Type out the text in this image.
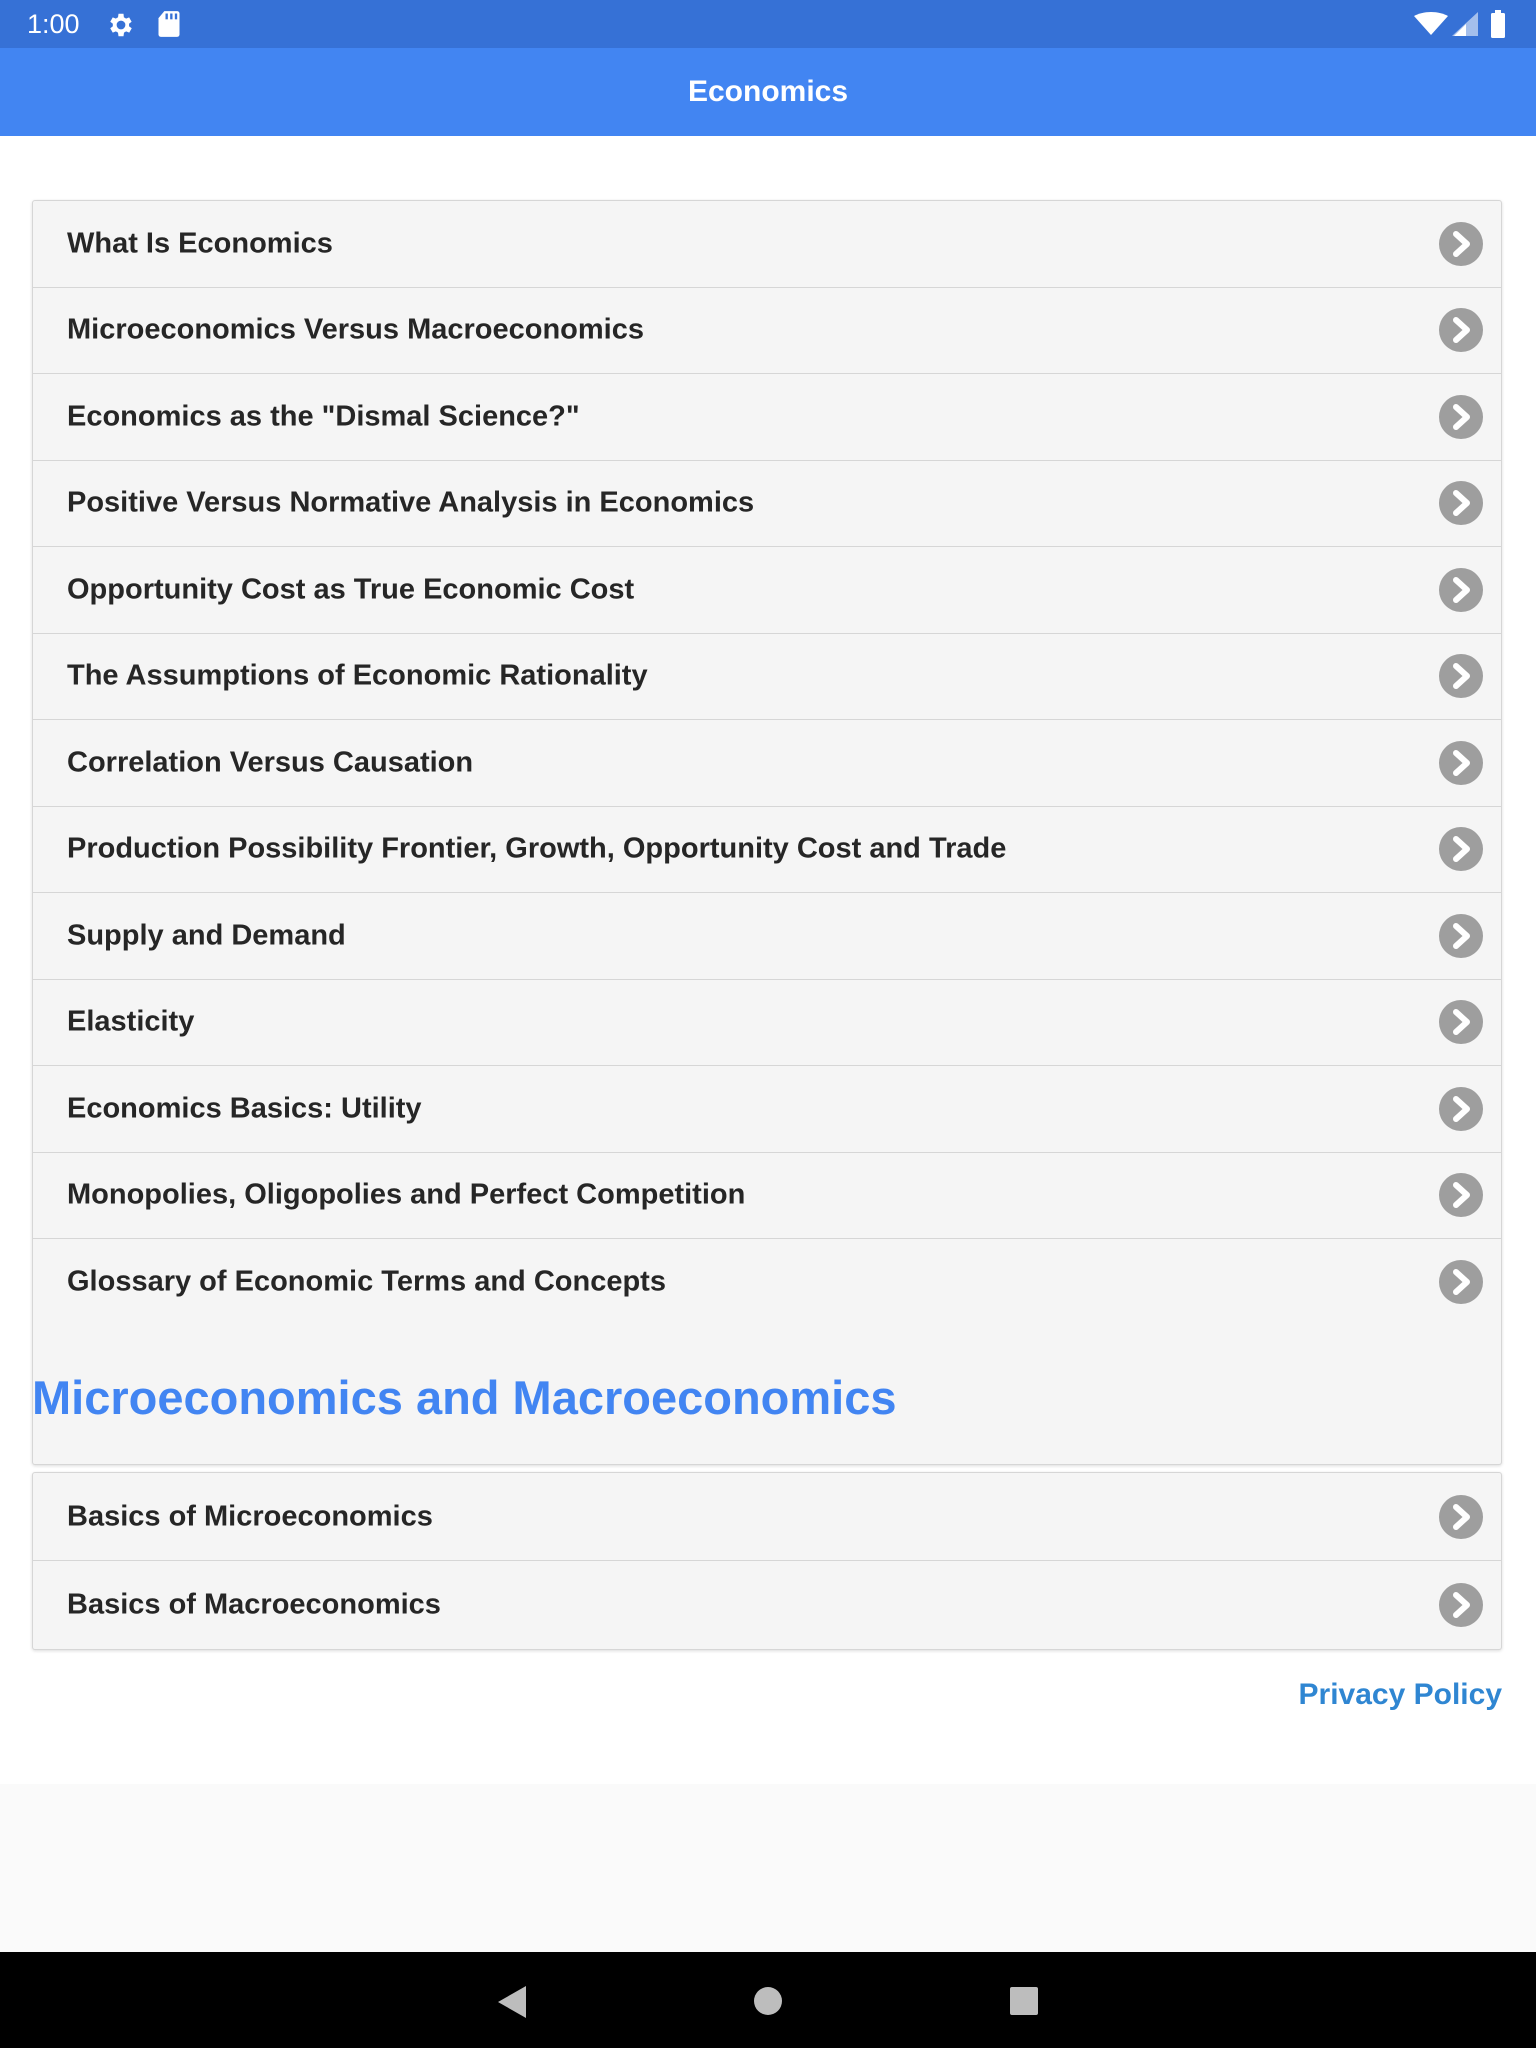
1:00
Economics
What Is Economics
Microeconomics Versus Macroeconomics
Economics as the "Dismal Science?"
Positive Versus Normative Analysis in Economics
Opportunity Cost as True Economic Cost
The Assumptions of Economic Rationality
Correlation Versus Causation
Production Possibility Frontier, Growth, Opportunity Cost and Trade
Supply and Demand
Elasticity
Economics Basics: Utility
Monopolies, Oligopolies and Perfect Competition
Glossary of Economic Terms and Concepts
Microeconomics and Macroeconomics
Basics of Microeconomics
Basics of Macroeconomics
Privacy Policy
